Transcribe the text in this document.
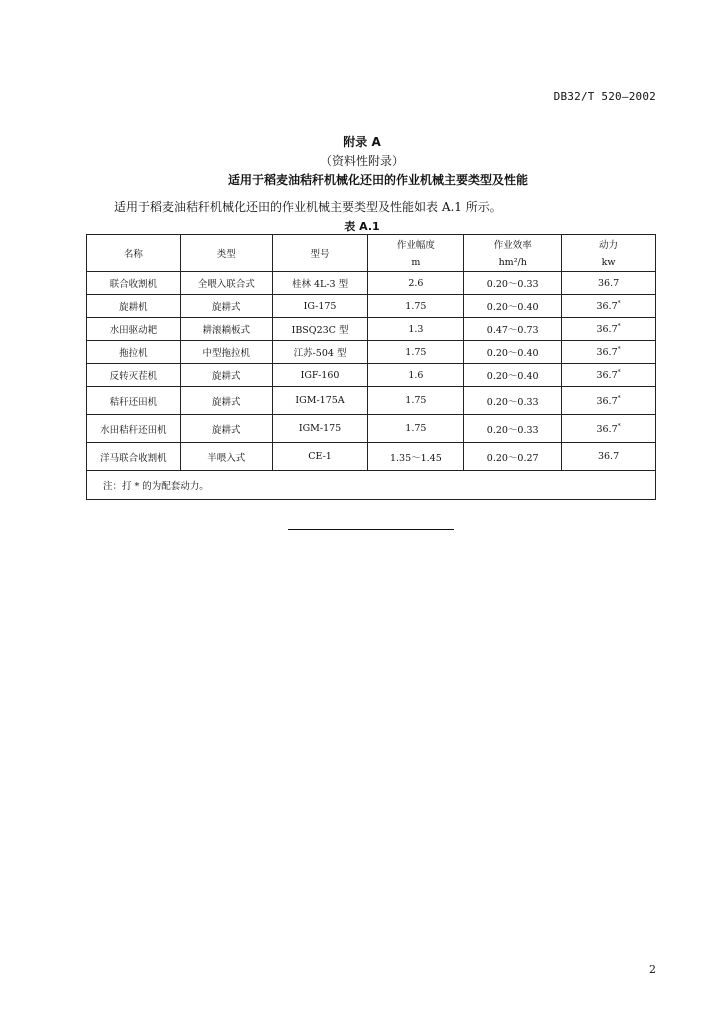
DB32/T 520—2002
附录 A
（资料性附录）
适用于稻麦油秸秆机械化还田的作业机械主要类型及性能
适用于稻麦油秸秆机械化还田的作业机械主要类型及性能如表 A.1 所示。
表 A.1
名称	类型	型号	作业幅度	作业效率	动力
			m	hm²/h	kw
联合收割机	全喂入联合式	桂林 4L-3 型	2.6	0.20～0.33	36.7
旋耕机	旋耕式	IG-175	1.75	0.20～0.40	36.7*
水田驱动耙	耕滚耥板式	IBSQ23C 型	1.3	0.47～0.73	36.7*
拖拉机	中型拖拉机	江苏-504 型	1.75	0.20～0.40	36.7*
反转灭茬机	旋耕式	IGF-160	1.6	0.20～0.40	36.7*
秸秆还田机	旋耕式	IGM-175A	1.75	0.20～0.33	36.7*
水田秸秆还田机	旋耕式	IGM-175	1.75	0.20～0.33	36.7*
洋马联合收割机	半喂入式	CE-1	1.35～1.45	0.20～0.27	36.7
注：打 * 的为配套动力。					
2
